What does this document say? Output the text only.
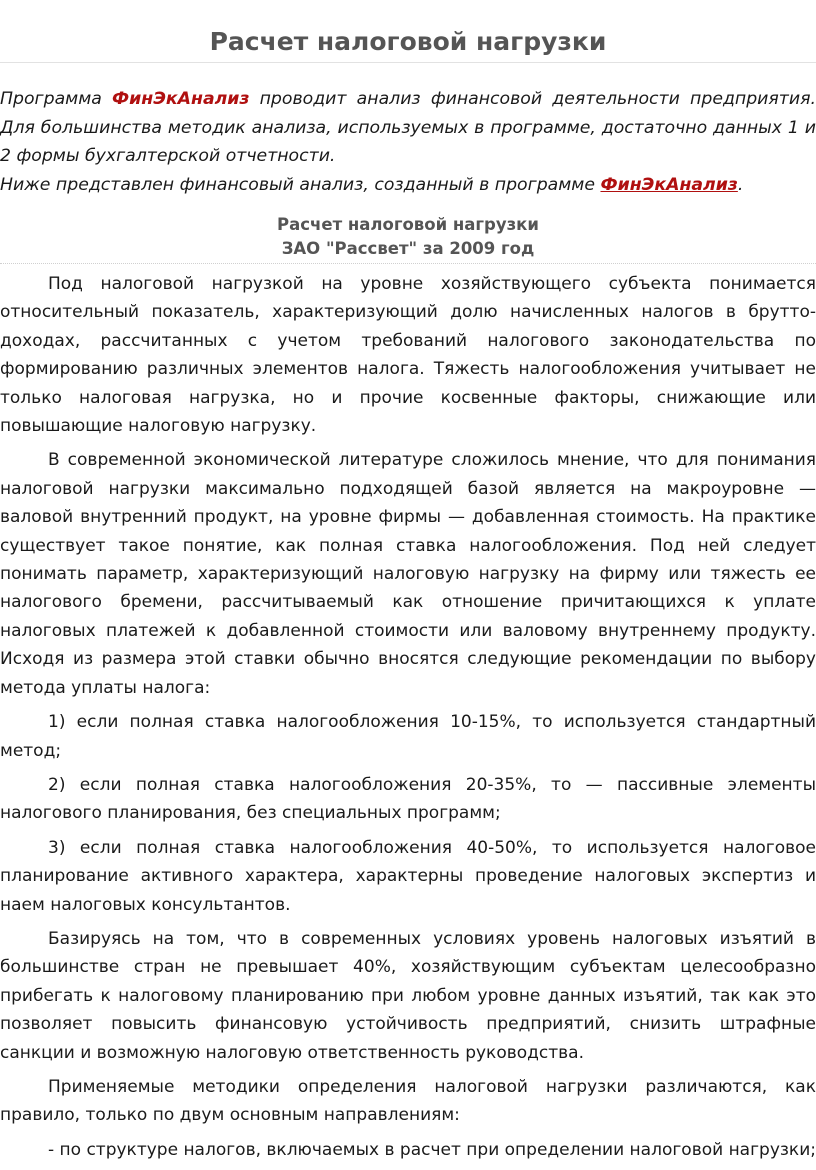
Расчет налоговой нагрузки

Программа ФинЭкАнализ проводит анализ финансовой деятельности предприятия.

Для большинства методик анализа, используемых в программе, достаточно данных 1 и 2 формы бухгалтерской отчетности.

Ниже представлен финансовый анализ, созданный в программе ФинЭкАнализ.

Расчет налоговой нагрузки
ЗАО "Рассвет" за 2009 год

Под налоговой нагрузкой на уровне хозяйствующего субъекта понимается относительный показатель, характеризующий долю начисленных налогов в брутто-доходах, рассчитанных с учетом требований налогового законодательства по формированию различных элементов налога. Тяжесть налогообложения учитывает не только налоговая нагрузка, но и прочие косвенные факторы, снижающие или повышающие налоговую нагрузку.

В современной экономической литературе сложилось мнение, что для понимания налоговой нагрузки максимально подходящей базой является на макроуровне — валовой внутренний продукт, на уровне фирмы — добавленная стоимость. На практике существует такое понятие, как полная ставка налогообложения. Под ней следует понимать параметр, характеризующий налоговую нагрузку на фирму или тяжесть ее налогового бремени, рассчитываемый как отношение причитающихся к уплате налоговых платежей к добавленной стоимости или валовому внутреннему продукту. Исходя из размера этой ставки обычно вносятся следующие рекомендации по выбору метода уплаты налога:

1) если полная ставка налогообложения 10-15%, то используется стандартный метод;

2) если полная ставка налогообложения 20-35%, то — пассивные элементы налогового планирования, без специальных программ;

3) если полная ставка налогообложения 40-50%, то используется налоговое планирование активного характера, характерны проведение налоговых экспертиз и наем налоговых консультантов.

Базируясь на том, что в современных условиях уровень налоговых изъятий в большинстве стран не превышает 40%, хозяйствующим субъектам целесообразно прибегать к налоговому планированию при любом уровне данных изъятий, так как это позволяет повысить финансовую устойчивость предприятий, снизить штрафные санкции и возможную налоговую ответственность руководства.

Применяемые методики определения налоговой нагрузки различаются, как правило, только по двум основным направлениям:

- по структуре налогов, включаемых в расчет при определении налоговой нагрузки;
